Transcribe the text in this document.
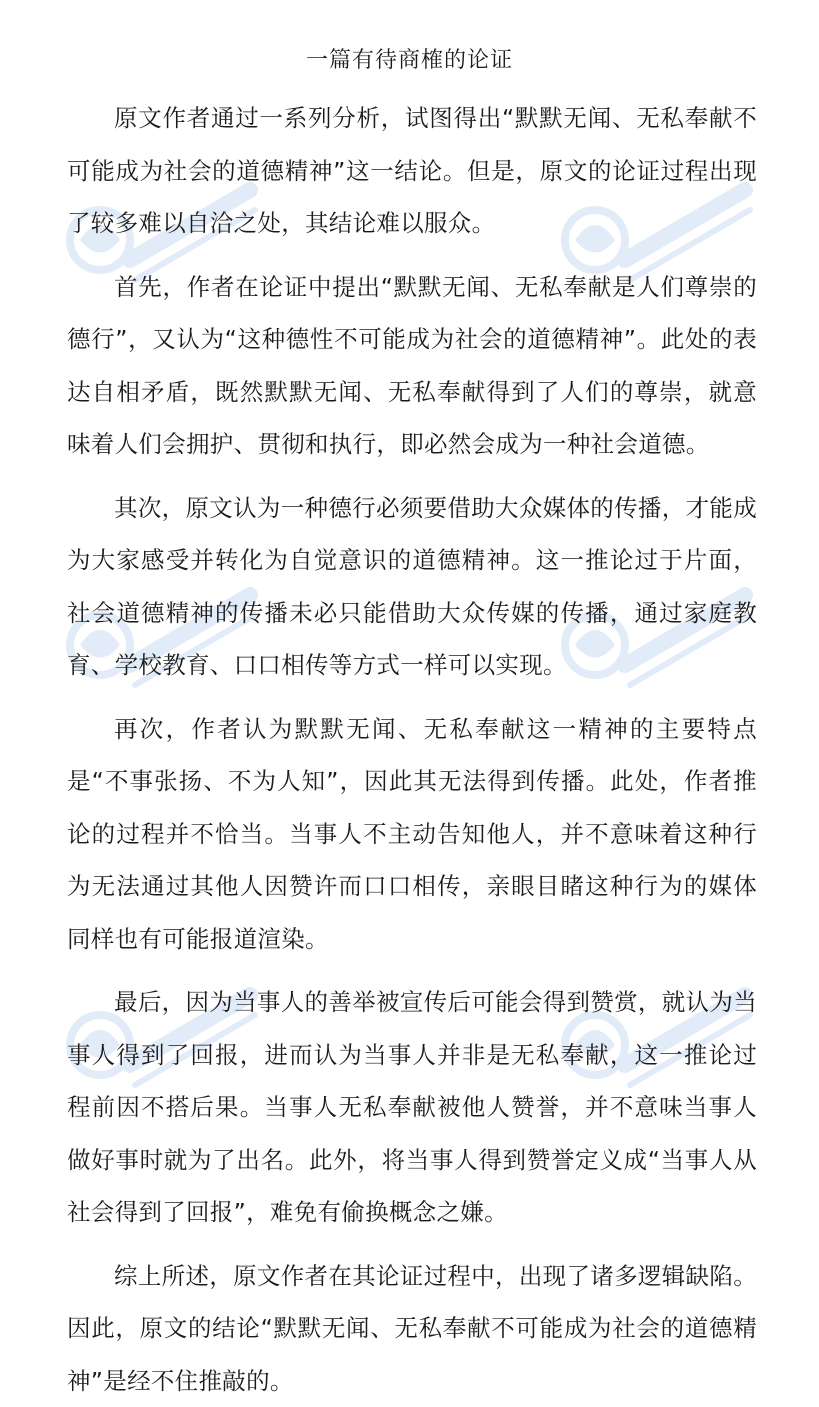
一篇有待商榷的论证

原文作者通过一系列分析，试图得出“默默无闻、无私奉献不可能成为社会的道德精神”这一结论。但是，原文的论证过程出现了较多难以自洽之处，其结论难以服众。

首先，作者在论证中提出“默默无闻、无私奉献是人们尊崇的德行”，又认为“这种德性不可能成为社会的道德精神”。此处的表达自相矛盾，既然默默无闻、无私奉献得到了人们的尊崇，就意味着人们会拥护、贯彻和执行，即必然会成为一种社会道德。

其次，原文认为一种德行必须要借助大众媒体的传播，才能成为大家感受并转化为自觉意识的道德精神。这一推论过于片面，社会道德精神的传播未必只能借助大众传媒的传播，通过家庭教育、学校教育、口口相传等方式一样可以实现。

再次，作者认为默默无闻、无私奉献这一精神的主要特点是“不事张扬、不为人知”，因此其无法得到传播。此处，作者推论的过程并不恰当。当事人不主动告知他人，并不意味着这种行为无法通过其他人因赞许而口口相传，亲眼目睹这种行为的媒体同样也有可能报道渲染。

最后，因为当事人的善举被宣传后可能会得到赞赏，就认为当事人得到了回报，进而认为当事人并非是无私奉献，这一推论过程前因不搭后果。当事人无私奉献被他人赞誉，并不意味当事人做好事时就为了出名。此外，将当事人得到赞誉定义成“当事人从社会得到了回报”，难免有偷换概念之嫌。

综上所述，原文作者在其论证过程中，出现了诸多逻辑缺陷。因此，原文的结论“默默无闻、无私奉献不可能成为社会的道德精神”是经不住推敲的。
